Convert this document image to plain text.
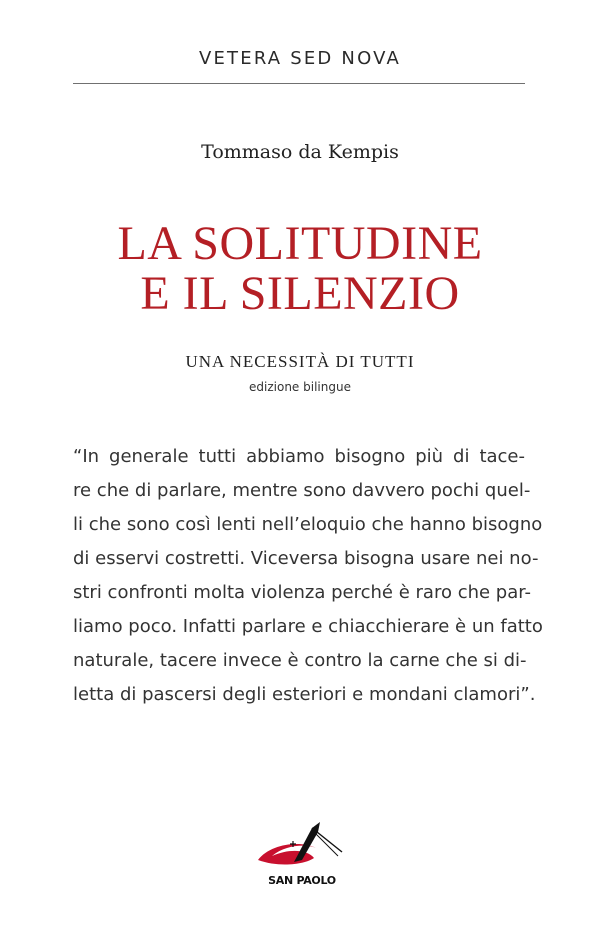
VETERA SED NOVA
Tommaso da Kempis
LA SOLITUDINE
E IL SILENZIO
UNA NECESSITÀ DI TUTTI
edizione bilingue
“In generale tutti abbiamo bisogno più di tace-
re che di parlare, mentre sono davvero pochi quel-
li che sono così lenti nell’eloquio che hanno bisogno
di esservi costretti. Viceversa bisogna usare nei no-
stri confronti molta violenza perché è raro che par-
liamo poco. Infatti parlare e chiacchierare è un fatto
naturale, tacere invece è contro la carne che si di-
letta di pascersi degli esteriori e mondani clamori”.
SAN PAOLO
